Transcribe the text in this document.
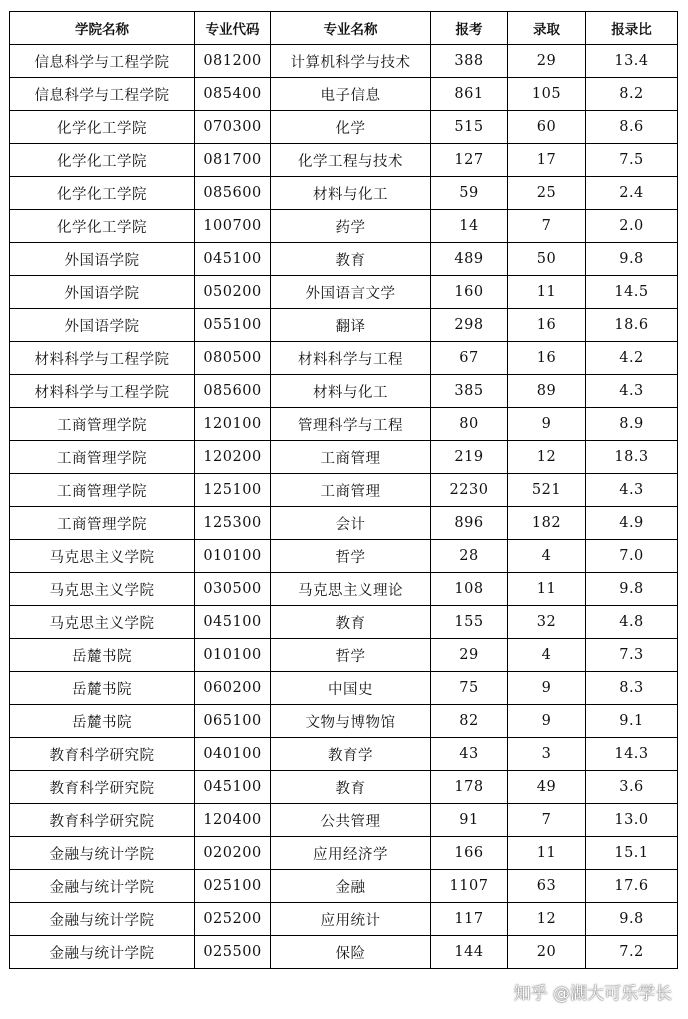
学院名称	专业代码	专业名称	报考	录取	报录比
信息科学与工程学院	081200	计算机科学与技术	388	29	13.4
信息科学与工程学院	085400	电子信息	861	105	8.2
化学化工学院	070300	化学	515	60	8.6
化学化工学院	081700	化学工程与技术	127	17	7.5
化学化工学院	085600	材料与化工	59	25	2.4
化学化工学院	100700	药学	14	7	2.0
外国语学院	045100	教育	489	50	9.8
外国语学院	050200	外国语言文学	160	11	14.5
外国语学院	055100	翻译	298	16	18.6
材料科学与工程学院	080500	材料科学与工程	67	16	4.2
材料科学与工程学院	085600	材料与化工	385	89	4.3
工商管理学院	120100	管理科学与工程	80	9	8.9
工商管理学院	120200	工商管理	219	12	18.3
工商管理学院	125100	工商管理	2230	521	4.3
工商管理学院	125300	会计	896	182	4.9
马克思主义学院	010100	哲学	28	4	7.0
马克思主义学院	030500	马克思主义理论	108	11	9.8
马克思主义学院	045100	教育	155	32	4.8
岳麓书院	010100	哲学	29	4	7.3
岳麓书院	060200	中国史	75	9	8.3
岳麓书院	065100	文物与博物馆	82	9	9.1
教育科学研究院	040100	教育学	43	3	14.3
教育科学研究院	045100	教育	178	49	3.6
教育科学研究院	120400	公共管理	91	7	13.0
金融与统计学院	020200	应用经济学	166	11	15.1
金融与统计学院	025100	金融	1107	63	17.6
金融与统计学院	025200	应用统计	117	12	9.8
金融与统计学院	025500	保险	144	20	7.2
知乎 @湖大可乐学长
